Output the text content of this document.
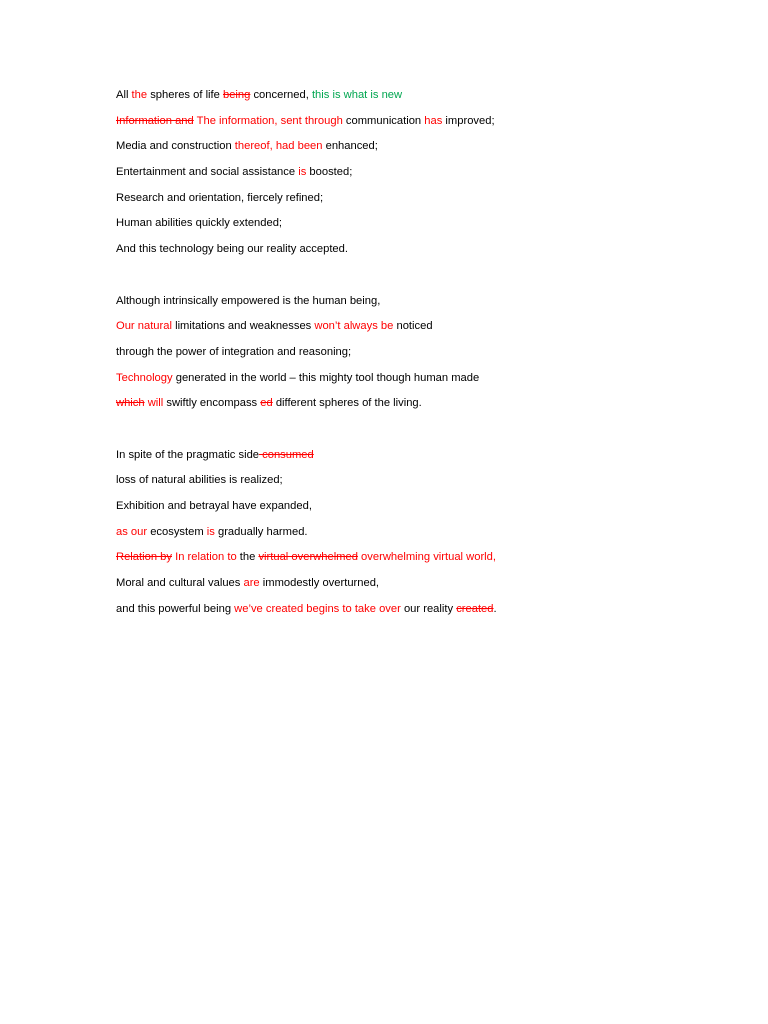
All the spheres of life being concerned, this is what is new
Information and The information, sent through communication has improved;
Media and construction thereof, had been enhanced;
Entertainment and social assistance is boosted;
Research and orientation, fiercely refined;
Human abilities quickly extended;
And this technology being our reality accepted.
Although intrinsically empowered is the human being,
Our natural limitations and weaknesses won’t always be noticed
through the power of integration and reasoning;
Technology generated in the world – this mighty tool though human made
which will swiftly encompass ed different spheres of the living.
In spite of the pragmatic side consumed
loss of natural abilities is realized;
Exhibition and betrayal have expanded,
as our ecosystem is gradually harmed.
Relation by In relation to the virtual overwhelmed overwhelming virtual world,
Moral and cultural values are immodestly overturned,
and this powerful being we’ve created begins to take over our reality created.
